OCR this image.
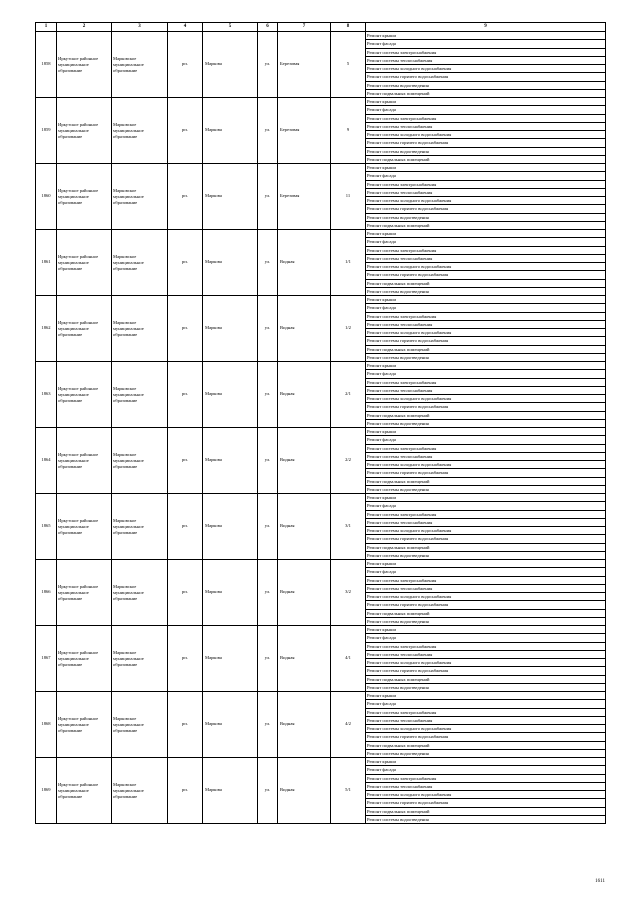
1	2	3	4	5	6	7	8	9
1858	Иркутское районное муниципальное образование	Марковское муниципальное образование	рп.	Маркова	ул.	Березовая	5	Ремонт крыши
								Ремонт фасада
								Ремонт системы электроснабжения
								Ремонт системы теплоснабжения
								Ремонт системы холодного водоснабжения
								Ремонт системы горячего водоснабжения
								Ремонт системы водоотведения
								Ремонт подвальных помещений
1859	Иркутское районное муниципальное образование	Марковское муниципальное образование	рп.	Маркова	ул.	Березовая	9	Ремонт крыши
								Ремонт фасада
								Ремонт системы электроснабжения
								Ремонт системы теплоснабжения
								Ремонт системы холодного водоснабжения
								Ремонт системы горячего водоснабжения
								Ремонт системы водоотведения
								Ремонт подвальных помещений
1860	Иркутское районное муниципальное образование	Марковское муниципальное образование	рп.	Маркова	ул.	Березовая	11	Ремонт крыши
								Ремонт фасада
								Ремонт системы электроснабжения
								Ремонт системы теплоснабжения
								Ремонт системы холодного водоснабжения
								Ремонт системы горячего водоснабжения
								Ремонт системы водоотведения
								Ремонт подвальных помещений
1861	Иркутское районное муниципальное образование	Марковское муниципальное образование	рп.	Маркова	ул.	Видная	1/1	Ремонт крыши
								Ремонт фасада
								Ремонт системы электроснабжения
								Ремонт системы теплоснабжения
								Ремонт системы холодного водоснабжения
								Ремонт системы горячего водоснабжения
								Ремонт подвальных помещений
								Ремонт системы водоотведения
1862	Иркутское районное муниципальное образование	Марковское муниципальное образование	рп.	Маркова	ул.	Видная	1/2	Ремонт крыши
								Ремонт фасада
								Ремонт системы электроснабжения
								Ремонт системы теплоснабжения
								Ремонт системы холодного водоснабжения
								Ремонт системы горячего водоснабжения
								Ремонт подвальных помещений
								Ремонт системы водоотведения
1863	Иркутское районное муниципальное образование	Марковское муниципальное образование	рп.	Маркова	ул.	Видная	2/1	Ремонт крыши
								Ремонт фасада
								Ремонт системы электроснабжения
								Ремонт системы теплоснабжения
								Ремонт системы холодного водоснабжения
								Ремонт системы горячего водоснабжения
								Ремонт подвальных помещений
								Ремонт системы водоотведения
1864	Иркутское районное муниципальное образование	Марковское муниципальное образование	рп.	Маркова	ул.	Видная	2/2	Ремонт крыши
								Ремонт фасада
								Ремонт системы электроснабжения
								Ремонт системы теплоснабжения
								Ремонт системы холодного водоснабжения
								Ремонт системы горячего водоснабжения
								Ремонт подвальных помещений
								Ремонт системы водоотведения
1865	Иркутское районное муниципальное образование	Марковское муниципальное образование	рп.	Маркова	ул.	Видная	3/1	Ремонт крыши
								Ремонт фасада
								Ремонт системы электроснабжения
								Ремонт системы теплоснабжения
								Ремонт системы холодного водоснабжения
								Ремонт системы горячего водоснабжения
								Ремонт подвальных помещений
								Ремонт системы водоотведения
1866	Иркутское районное муниципальное образование	Марковское муниципальное образование	рп.	Маркова	ул.	Видная	3/2	Ремонт крыши
								Ремонт фасада
								Ремонт системы электроснабжения
								Ремонт системы теплоснабжения
								Ремонт системы холодного водоснабжения
								Ремонт системы горячего водоснабжения
								Ремонт подвальных помещений
								Ремонт системы водоотведения
1867	Иркутское районное муниципальное образование	Марковское муниципальное образование	рп.	Маркова	ул.	Видная	4/1	Ремонт крыши
								Ремонт фасада
								Ремонт системы электроснабжения
								Ремонт системы теплоснабжения
								Ремонт системы холодного водоснабжения
								Ремонт системы горячего водоснабжения
								Ремонт подвальных помещений
								Ремонт системы водоотведения
1868	Иркутское районное муниципальное образование	Марковское муниципальное образование	рп.	Маркова	ул.	Видная	4/2	Ремонт крыши
								Ремонт фасада
								Ремонт системы электроснабжения
								Ремонт системы теплоснабжения
								Ремонт системы холодного водоснабжения
								Ремонт системы горячего водоснабжения
								Ремонт подвальных помещений
								Ремонт системы водоотведения
1869	Иркутское районное муниципальное образование	Марковское муниципальное образование	рп.	Маркова	ул.	Видная	5/1	Ремонт крыши
								Ремонт фасада
								Ремонт системы электроснабжения
								Ремонт системы теплоснабжения
								Ремонт системы холодного водоснабжения
								Ремонт системы горячего водоснабжения
								Ремонт подвальных помещений
								Ремонт системы водоотведения
1611
